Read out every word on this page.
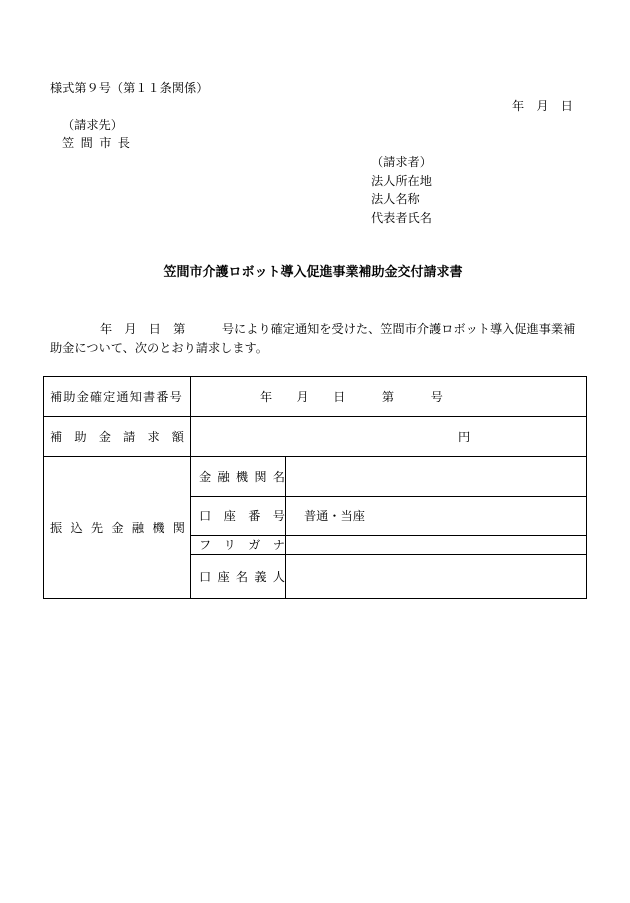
様式第９号（第１１条関係）
年　月　日
（請求先）
笠 間 市 長
（請求者）
法人所在地
法人名称
代表者氏名
笠間市介護ロボット導入促進事業補助金交付請求書
年　月　日　第　　　号により確定通知を受けた、笠間市介護ロボット導入促進事業補
助金について、次のとおり請求します。
補助金確定通知書番号	年　　月　　日　　　第　　　号
補 助 金 請 求 額	円
振 込 先 金 融 機 関
金 融 機 関 名
口 座 番 号 普通・当座
フ リ ガ ナ
口 座 名 義 人
